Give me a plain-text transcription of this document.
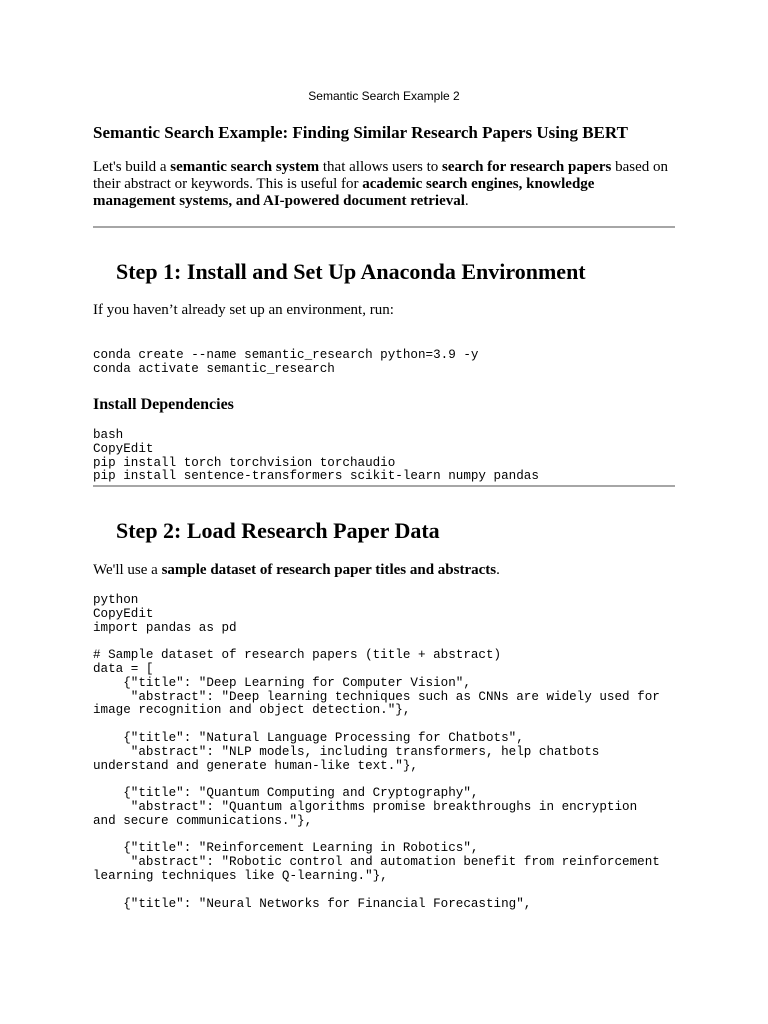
Semantic Search Example 2
Semantic Search Example: Finding Similar Research Papers Using BERT

Let's build a semantic search system that allows users to search for research papers based on their abstract or keywords. This is useful for academic search engines, knowledge management systems, and AI-powered document retrieval.

Step 1: Install and Set Up Anaconda Environment

If you haven’t already set up an environment, run:

conda create --name semantic_research python=3.9 -y
conda activate semantic_research
Install Dependencies
bash
CopyEdit
pip install torch torchvision torchaudio
pip install sentence-transformers scikit-learn numpy pandas
Step 2: Load Research Paper Data

We'll use a sample dataset of research paper titles and abstracts.

python
CopyEdit
import pandas as pd
# Sample dataset of research papers (title + abstract)
data = [
{"title": "Deep Learning for Computer Vision",
"abstract": "Deep learning techniques such as CNNs are widely used for
image recognition and object detection."},
{"title": "Natural Language Processing for Chatbots",
"abstract": "NLP models, including transformers, help chatbots
understand and generate human-like text."},
{"title": "Quantum Computing and Cryptography",
"abstract": "Quantum algorithms promise breakthroughs in encryption
and secure communications."},
{"title": "Reinforcement Learning in Robotics",
"abstract": "Robotic control and automation benefit from reinforcement
learning techniques like Q-learning."},
{"title": "Neural Networks for Financial Forecasting",
